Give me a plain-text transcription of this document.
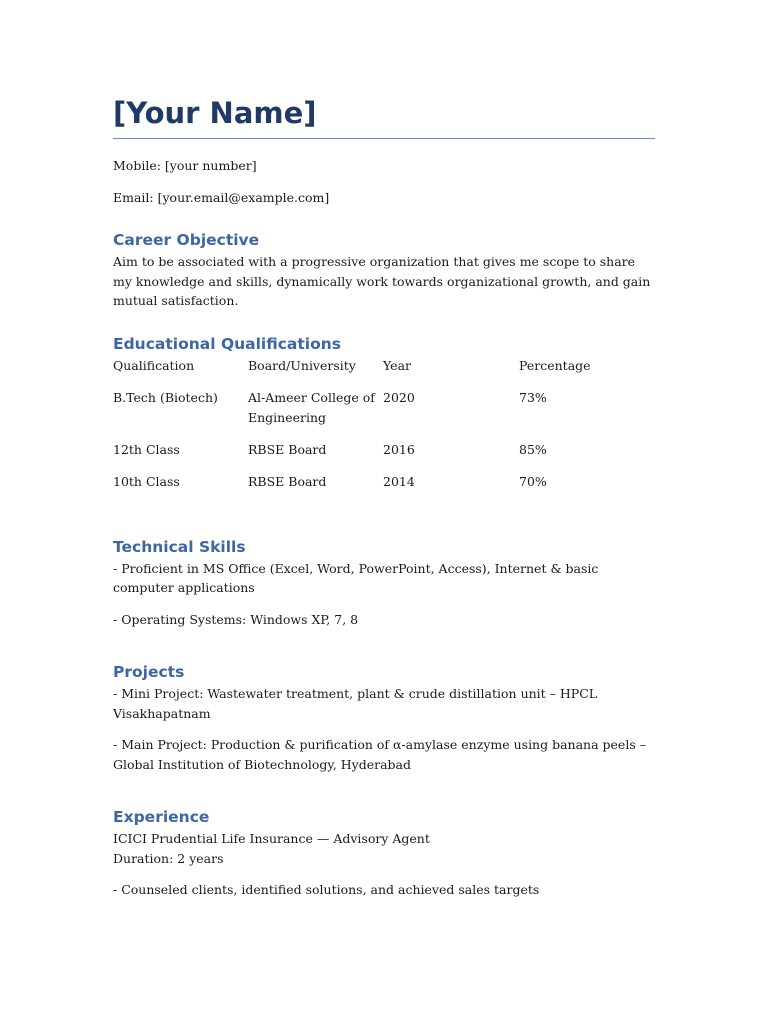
[Your Name]
Mobile: [your number]
Email: [your.email@example.com]
Career Objective

Aim to be associated with a progressive organization that gives me scope to share my knowledge and skills, dynamically work towards organizational growth, and gain mutual satisfaction.

Educational Qualifications
Qualification	Board/University	Year	Percentage
B.Tech (Biotech)	Al-Ameer College of Engineering	2020	73%
12th Class	RBSE Board	2016	85%
10th Class	RBSE Board	2014	70%
Technical Skills

- Proficient in MS Office (Excel, Word, PowerPoint, Access), Internet & basic computer applications

- Operating Systems: Windows XP, 7, 8

Projects

- Mini Project: Wastewater treatment, plant & crude distillation unit – HPCL Visakhapatnam

- Main Project: Production & purification of α-amylase enzyme using banana peels – Global Institution of Biotechnology, Hyderabad

Experience

ICICI Prudential Life Insurance — Advisory Agent

Duration: 2 years

- Counseled clients, identified solutions, and achieved sales targets
